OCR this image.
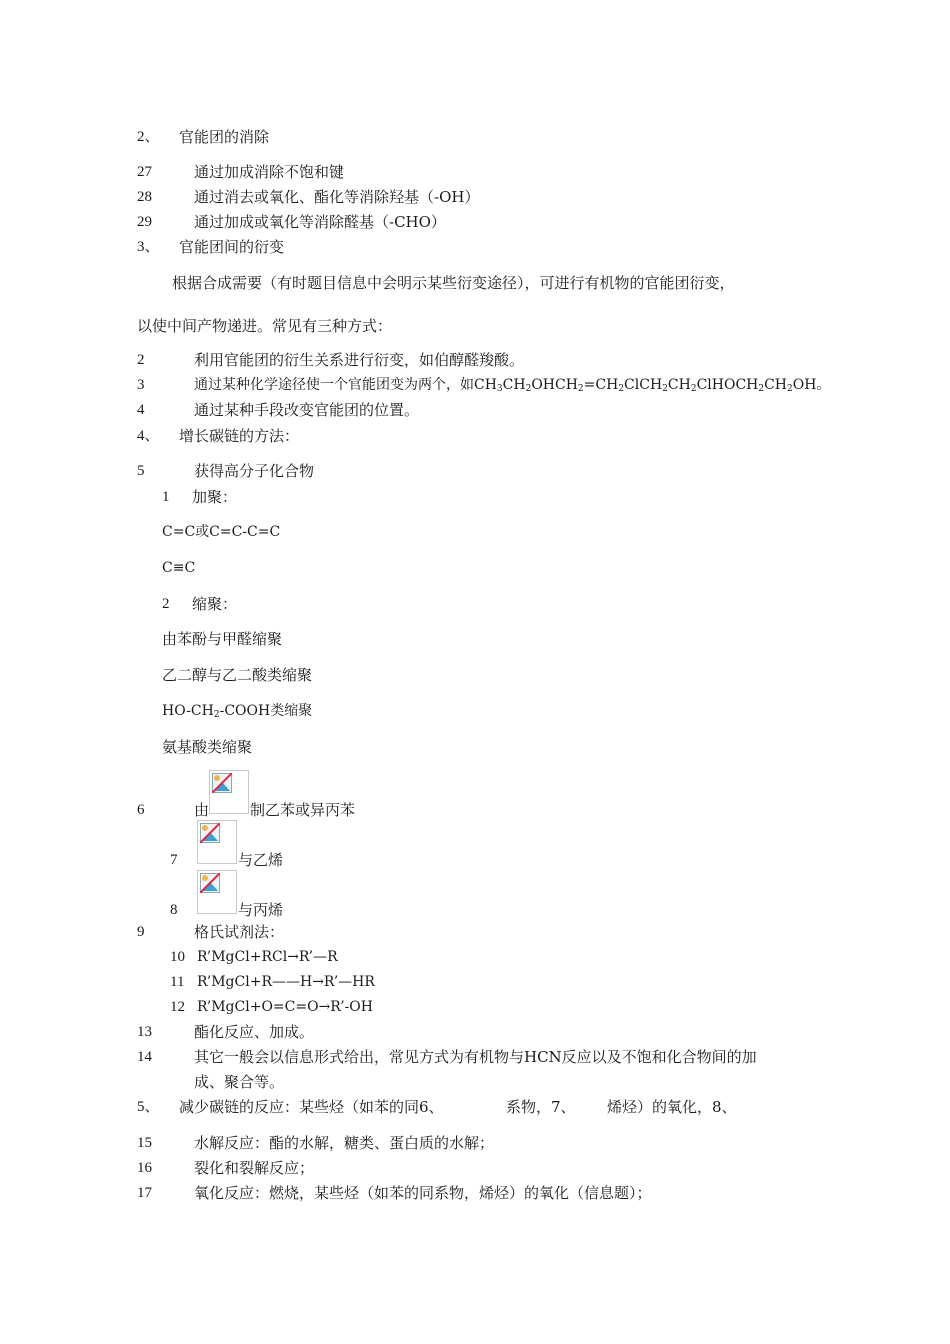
2、 官能团的消除
27	通过加成消除不饱和键
28	通过消去或氧化、酯化等消除羟基（-OH）
29	通过加成或氧化等消除醛基（-CHO）
3、 官能团间的衍变
根据合成需要（有时题目信息中会明示某些衍变途径），可进行有机物的官能团衍变，
以使中间产物递进。常见有三种方式：
2	利用官能团的衍生关系进行衍变，如伯醇醛羧酸。
3	通过某种化学途径使一个官能团变为两个，如$CH_3CH_2OHCH_2=CH_2ClCH_2CH_2ClHOCH_2CH_2OH$。
4	通过某种手段改变官能团的位置。
4、 增长碳链的方法：
5	获得高分子化合物
1 加聚：
C=C或C=C-C=C
C≡C
2 缩聚：
由苯酚与甲醛缩聚
乙二醇与乙二酸类缩聚
$HO-CH_2$-COOH类缩聚
氨基酸类缩聚
6	由	制乙苯或异丙苯
7	与乙烯
8	与丙烯
9	格氏试剂法：
10 R’MgCl+RCl→R’—R
11 R’MgCl+R——H→R’—HR
12 R’MgCl+O=C=O→R’-OH
13	酯化反应、加成。
14	其它一般会以信息形式给出，常见方式为有机物与HCN反应以及不饱和化合物间的加
成、聚合等。
5、 减少碳链的反应：某些烃（如苯的同6、	系物，7、 烯烃）的氧化，8、
15	水解反应：酯的水解，糖类、蛋白质的水解；
16	裂化和裂解反应；
17	氧化反应：燃烧，某些烃（如苯的同系物，烯烃）的氧化（信息题）；
